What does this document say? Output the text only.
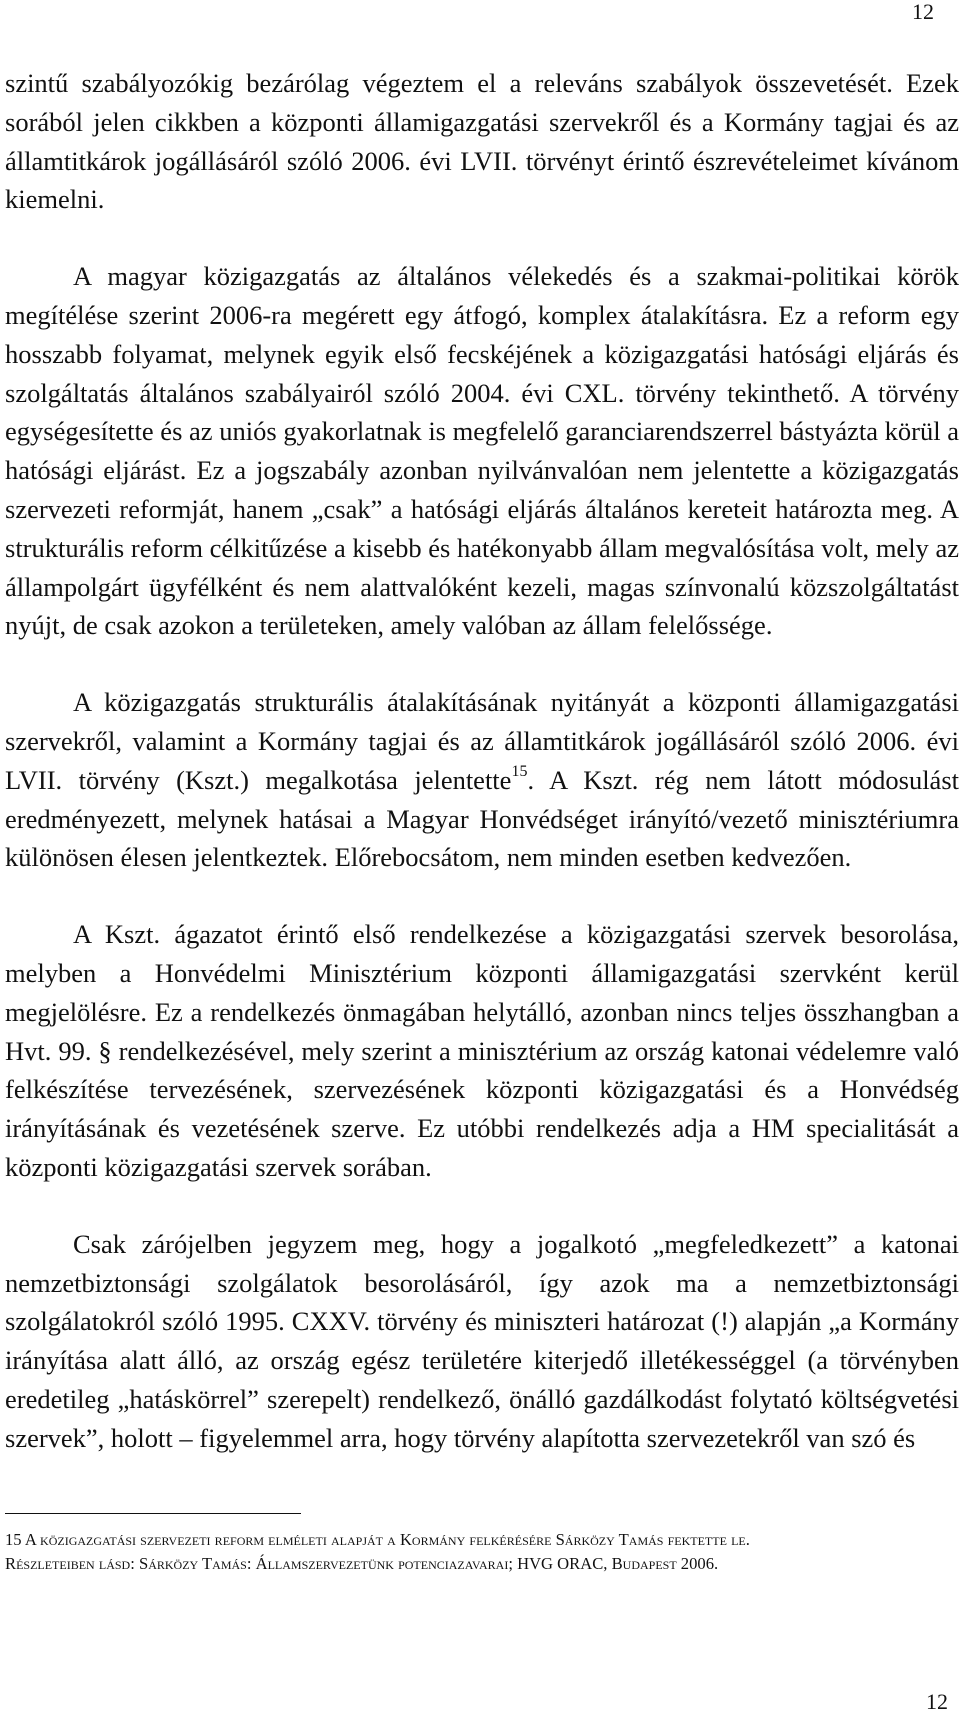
12

szintű szabályozókig bezárólag végeztem el a releváns szabályok összevetését. Ezek sorából jelen cikkben a központi államigazgatási szervekről és a Kormány tagjai és az államtitkárok jogállásáról szóló 2006. évi LVII. törvényt érintő észrevételeimet kívánom kiemelni.

A magyar közigazgatás az általános vélekedés és a szakmai-politikai körök megítélése szerint 2006-ra megérett egy átfogó, komplex átalakításra. Ez a reform egy hosszabb folyamat, melynek egyik első fecskéjének a közigazgatási hatósági eljárás és szolgáltatás általános szabályairól szóló 2004. évi CXL. törvény tekinthető. A törvény egységesítette és az uniós gyakorlatnak is megfelelő garanciarendszerrel bástyázta körül a hatósági eljárást. Ez a jogszabály azonban nyilvánvalóan nem jelentette a közigazgatás szervezeti reformját, hanem „csak” a hatósági eljárás általános kereteit határozta meg. A strukturális reform célkitűzése a kisebb és hatékonyabb állam megvalósítása volt, mely az állampolgárt ügyfélként és nem alattvalóként kezeli, magas színvonalú közszolgáltatást nyújt, de csak azokon a területeken, amely valóban az állam felelőssége.

A közigazgatás strukturális átalakításának nyitányát a központi államigazgatási szervekről, valamint a Kormány tagjai és az államtitkárok jogállásáról szóló 2006. évi LVII. törvény (Kszt.) megalkotása jelentette$^{15}$. A Kszt. rég nem látott módosulást eredményezett, melynek hatásai a Magyar Honvédséget irányító/vezető minisztériumra különösen élesen jelentkeztek. Előrebocsátom, nem minden esetben kedvezően.

A Kszt. ágazatot érintő első rendelkezése a közigazgatási szervek besorolása, melyben a Honvédelmi Minisztérium központi államigazgatási szervként kerül megjelölésre. Ez a rendelkezés önmagában helytálló, azonban nincs teljes összhangban a Hvt. 99. § rendelkezésével, mely szerint a minisztérium az ország katonai védelemre való felkészítése tervezésének, szervezésének központi közigazgatási és a Honvédség irányításának és vezetésének szerve. Ez utóbbi rendelkezés adja a HM specialitását a központi közigazgatási szervek sorában.

Csak zárójelben jegyzem meg, hogy a jogalkotó „megfeledkezett” a katonai nemzetbiztonsági szolgálatok besorolásáról, így azok ma a nemzetbiztonsági szolgálatokról szóló 1995. CXXV. törvény és miniszteri határozat (!) alapján „a Kormány irányítása alatt álló, az ország egész területére kiterjedő illetékességgel (a törvényben eredetileg „hatáskörrel” szerepelt) rendelkező, önálló gazdálkodást folytató költségvetési szervek”, holott – figyelemmel arra, hogy törvény alapította szervezetekről van szó és

15 A közigazgatási szervezeti reform elméleti alapját a Kormány felkérésére Sárközy Tamás fektette le.

Részleteiben lásd: Sárközy Tamás: Államszervezetünk potenciazavarai; HVG ORAC, Budapest 2006.

12
